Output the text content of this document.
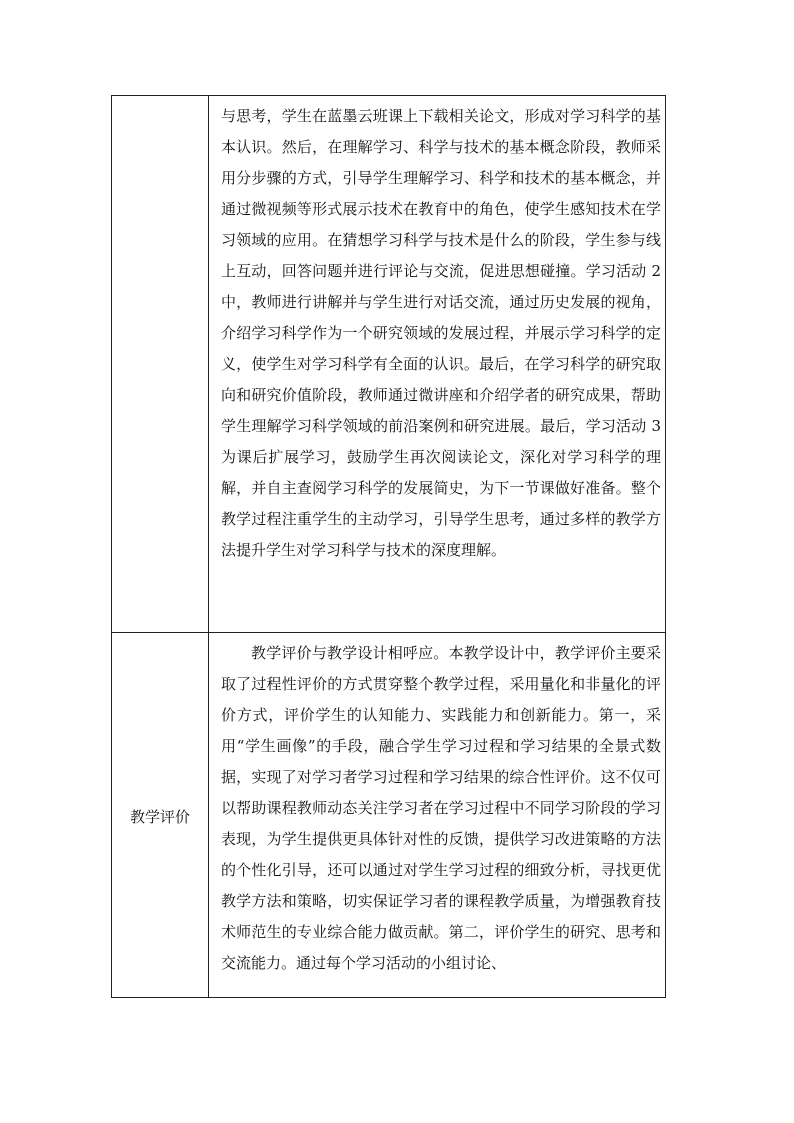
与思考，学生在蓝墨云班课上下载相关论文，形成对学习科学的基本认识。然后，在理解学习、科学与技术的基本概念阶段，教师采用分步骤的方式，引导学生理解学习、科学和技术的基本概念，并通过微视频等形式展示技术在教育中的角色，使学生感知技术在学习领域的应用。在猜想学习科学与技术是什么的阶段，学生参与线上互动，回答问题并进行评论与交流，促进思想碰撞。学习活动 2 中，教师进行讲解并与学生进行对话交流，通过历史发展的视角，介绍学习科学作为一个研究领域的发展过程，并展示学习科学的定义，使学生对学习科学有全面的认识。最后，在学习科学的研究取向和研究价值阶段，教师通过微讲座和介绍学者的研究成果，帮助学生理解学习科学领域的前沿案例和研究进展。最后，学习活动 3 为课后扩展学习，鼓励学生再次阅读论文，深化对学习科学的理解，并自主查阅学习科学的发展简史，为下一节课做好准备。整个教学过程注重学生的主动学习，引导学生思考，通过多样的教学方法提升学生对学习科学与技术的深度理解。

教学评价

教学评价与教学设计相呼应。本教学设计中，教学评价主要采取了过程性评价的方式贯穿整个教学过程，采用量化和非量化的评价方式，评价学生的认知能力、实践能力和创新能力。第一，采用“学生画像”的手段，融合学生学习过程和学习结果的全景式数据，实现了对学习者学习过程和学习结果的综合性评价。这不仅可以帮助课程教师动态关注学习者在学习过程中不同学习阶段的学习表现，为学生提供更具体针对性的反馈，提供学习改进策略的方法的个性化引导，还可以通过对学生学习过程的细致分析，寻找更优教学方法和策略，切实保证学习者的课程教学质量，为增强教育技术师范生的专业综合能力做贡献。第二，评价学生的研究、思考和交流能力。通过每个学习活动的小组讨论、
